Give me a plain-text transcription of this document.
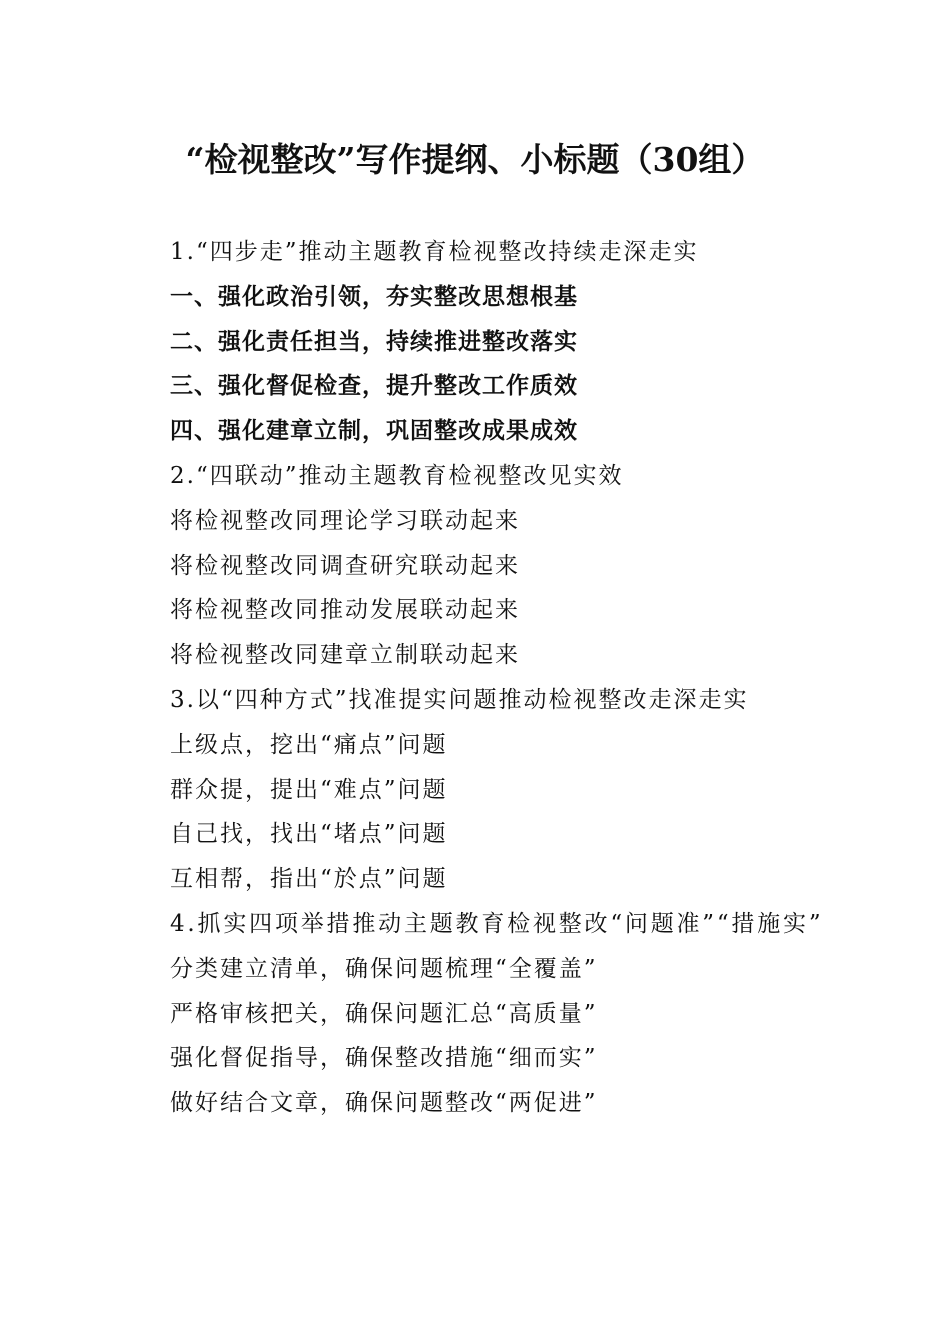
“检视整改”写作提纲、小标题（30组）
1.“四步走”推动主题教育检视整改持续走深走实
一、强化政治引领，夯实整改思想根基
二、强化责任担当，持续推进整改落实
三、强化督促检查，提升整改工作质效
四、强化建章立制，巩固整改成果成效
2.“四联动”推动主题教育检视整改见实效
将检视整改同理论学习联动起来
将检视整改同调查研究联动起来
将检视整改同推动发展联动起来
将检视整改同建章立制联动起来
3.以“四种方式”找准提实问题推动检视整改走深走实
上级点，挖出“痛点”问题
群众提，提出“难点”问题
自己找，找出“堵点”问题
互相帮，指出“於点”问题
4.抓实四项举措推动主题教育检视整改“问题准”“措施实”
分类建立清单，确保问题梳理“全覆盖”
严格审核把关，确保问题汇总“高质量”
强化督促指导，确保整改措施“细而实”
做好结合文章，确保问题整改“两促进”
